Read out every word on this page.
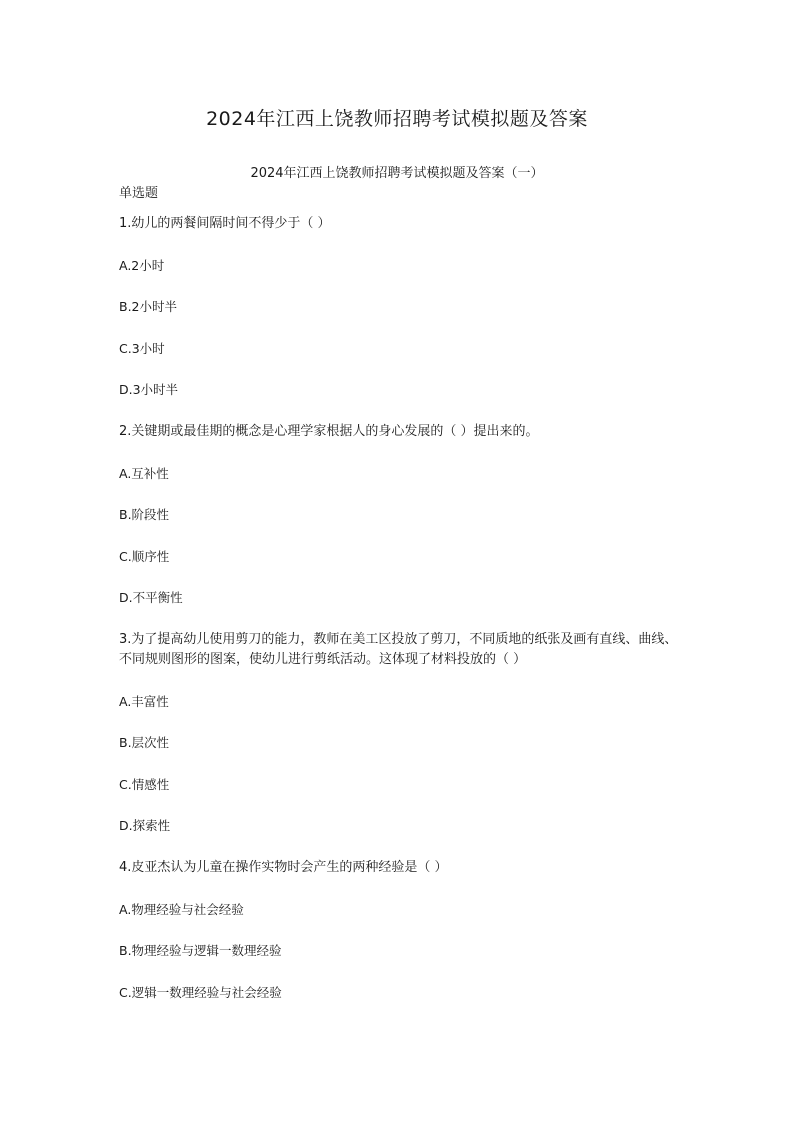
2024年江西上饶教师招聘考试模拟题及答案
2024年江西上饶教师招聘考试模拟题及答案（一）
单选题
1.幼儿的两餐间隔时间不得少于（ ）
A.2小时
B.2小时半
C.3小时
D.3小时半
2.关键期或最佳期的概念是心理学家根据人的身心发展的（ ）提出来的。
A.互补性
B.阶段性
C.顺序性
D.不平衡性
3.为了提高幼儿使用剪刀的能力，教师在美工区投放了剪刀，不同质地的纸张及画有直线、曲线、不同规则图形的图案，使幼儿进行剪纸活动。这体现了材料投放的（ ）
A.丰富性
B.层次性
C.情感性
D.探索性
4.皮亚杰认为儿童在操作实物时会产生的两种经验是（ ）
A.物理经验与社会经验
B.物理经验与逻辑一数理经验
C.逻辑一数理经验与社会经验
